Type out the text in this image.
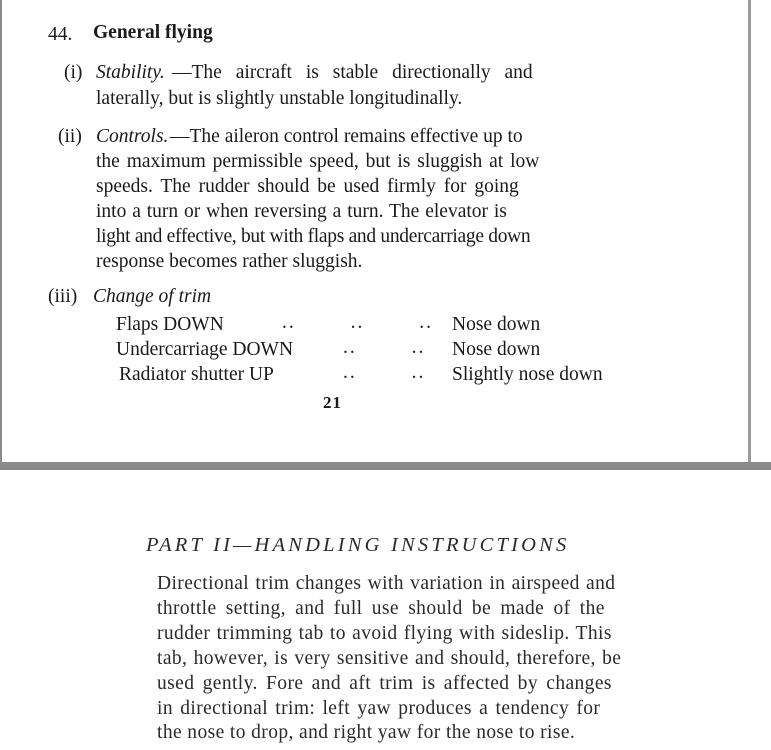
44. General flying
(i) Stability. —The aircraft is stable directionally and
laterally, but is slightly unstable longitudinally.
(ii) Controls. —The aileron control remains effective up to
the maximum permissible speed, but is sluggish at low
speeds. The rudder should be used firmly for going
into a turn or when reversing a turn. The elevator is
light and effective, but with flaps and undercarriage down
response becomes rather sluggish.
(iii) Change of trim
Flaps DOWN	.. .. .. Nose down
Undercarriage DOWN	.. .. Nose down
Radiator shutter UP	.. .. Slightly nose down
21
PART II—HANDLING INSTRUCTIONS
Directional trim changes with variation in airspeed and
throttle setting, and full use should be made of the
rudder trimming tab to avoid flying with sideslip. This
tab, however, is very sensitive and should, therefore, be
used gently. Fore and aft trim is affected by changes
in directional trim: left yaw produces a tendency for
the nose to drop, and right yaw for the nose to rise.
